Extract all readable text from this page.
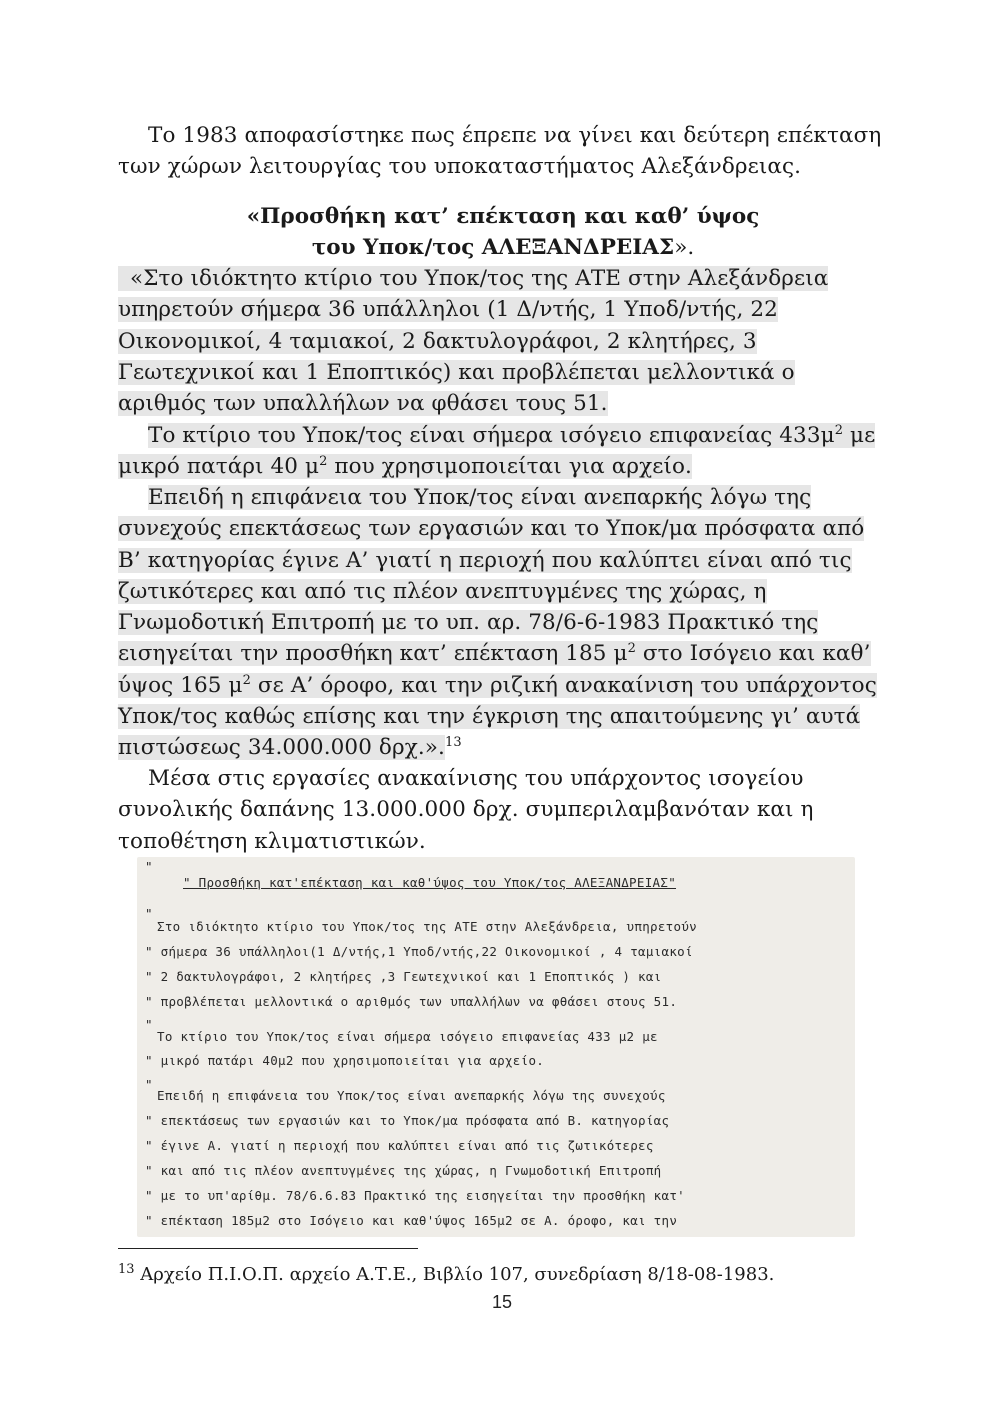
Το 1983 αποφασίστηκε πως έπρεπε να γίνει και δεύτερη επέκταση των χώρων λειτουργίας του υποκαταστήματος Αλεξάνδρειας.
«Προσθήκη κατ’ επέκταση και καθ’ ύψος
του Υποκ/τος ΑΛΕΞΑΝΔΡΕΙΑΣ».
«Στο ιδιόκτητο κτίριο του Υποκ/τος της ΑΤΕ στην Αλεξάνδρεια υπηρετούν σήμερα 36 υπάλληλοι (1 Δ/ντής, 1 Υποδ/ντής, 22 Οικονομικοί, 4 ταμιακοί, 2 δακτυλογράφοι, 2 κλητήρες, 3 Γεωτεχνικοί και 1 Εποπτικός) και προβλέπεται μελλοντικά ο αριθμός των υπαλλήλων να φθάσει τους 51.
Το κτίριο του Υποκ/τος είναι σήμερα ισόγειο επιφανείας $433\mu^2$ με μικρό πατάρι 40 $\mu^2$ που χρησιμοποιείται για αρχείο.
Επειδή η επιφάνεια του Υποκ/τος είναι ανεπαρκής λόγω της συνεχούς επεκτάσεως των εργασιών και το Υποκ/μα πρόσφατα από Β’ κατηγορίας έγινε Α’ γιατί η περιοχή που καλύπτει είναι από τις ζωτικότερες και από τις πλέον ανεπτυγμένες της χώρας, η Γνωμοδοτική Επιτροπή με το υπ. αρ. 78/6-6-1983 Πρακτικό της εισηγείται την προσθήκη κατ’ επέκταση 185 $\mu^2$ στο Ισόγειο και καθ’ ύψος 165 $\mu^2$ σε Α’ όροφο, και την ριζική ανακαίνιση του υπάρχοντος Υποκ/τος καθώς επίσης και την έγκριση της απαιτούμενης γι’ αυτά πιστώσεως 34.000.000 δρχ.».$^{13}$
Μέσα στις εργασίες ανακαίνισης του υπάρχοντος ισογείου συνολικής δαπάνης 13.000.000 δρχ. συμπεριλαμβανόταν και η τοποθέτηση κλιματιστικών.
"
" Προσθήκη κατ'επέκταση και καθ'ύψος του Υποκ/τος ΑΛΕΞΑΝΔΡΕΙΑΣ"
"
Στο ιδιόκτητο κτίριο του Υποκ/τος της ΑΤΕ στην Αλεξάνδρεια, υπηρετούν
" σήμερα 36 υπάλληλοι(1 Δ/ντής,1 Υποδ/ντής,22 Οικονομικοί , 4 ταμιακοί
" 2 δακτυλογράφοι, 2 κλητήρες ,3 Γεωτεχνικοί και 1 Εποπτικός ) και
" προβλέπεται μελλοντικά ο αριθμός των υπαλλήλων να φθάσει στους 51.
"
Το κτίριο του Υποκ/τος είναι σήμερα ισόγειο επιφανείας 433 μ2 με
" μικρό πατάρι 40μ2 που χρησιμοποιείται για αρχείο.
"
Επειδή η επιφάνεια του Υποκ/τος είναι ανεπαρκής λόγω της συνεχούς
" επεκτάσεως των εργασιών και το Υποκ/μα πρόσφατα από Β. κατηγορίας
" έγινε Α. γιατί η περιοχή που καλύπτει είναι από τις ζωτικότερες
" και από τις πλέον ανεπτυγμένες της χώρας, η Γνωμοδοτική Επιτροπή
" με το υπ'αρίθμ. 78/6.6.83 Πρακτικό της εισηγείται την προσθήκη κατ'
" επέκταση 185μ2 στο Ισόγειο και καθ'ύψος 165μ2 σε Α. όροφο, και την
$^{13}$ Αρχείο Π.Ι.Ο.Π. αρχείο Α.Τ.Ε., Βιβλίο 107, συνεδρίαση 8/18-08-1983.
15
